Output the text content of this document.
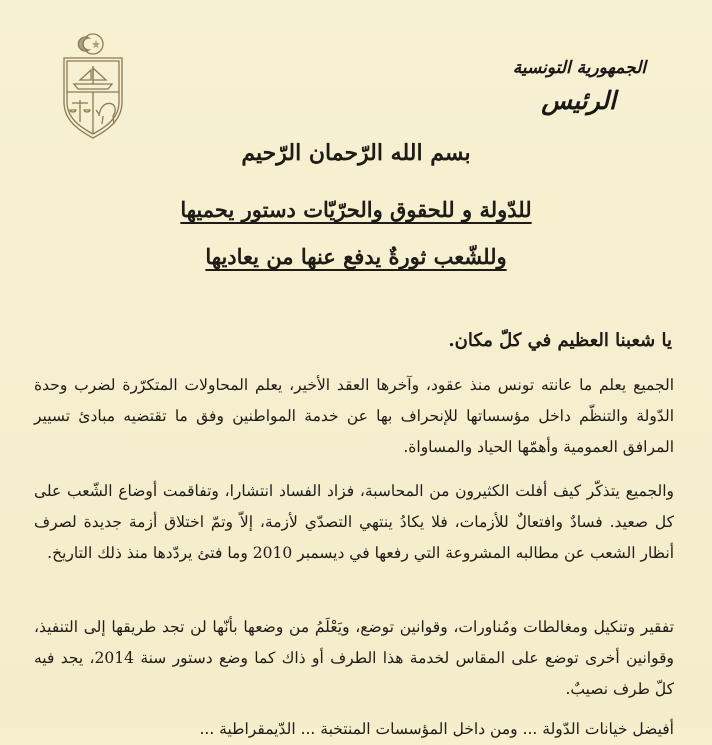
الجمهورية التونسية
الرئيس
بسم الله الرّحمان الرّحيم
للدّولة و للحقوق والحرّيّات دستور يحميها
وللشّعب ثورةٌ يدفع عنها من يعاديها
يا شعبنا العظيم في كلّ مكان.
الجميع يعلم ما عانته تونس منذ عقود، وآخرها العقد الأخير، يعلم المحاولات المتكرّرة لضرب وحدة الدّولة والتنظّم داخل مؤسساتها للإنحراف بها عن خدمة المواطنين وفق ما تقتضيه مبادئ تسيير المرافق العمومية وأهمّها الحياد والمساواة.
والجميع يتذكّر كيف أفلت الكثيرون من المحاسبة، فزاد الفساد انتشارا، وتفاقمت أوضاع الشّعب على كل صعيد. فسادٌ وافتعالٌ للأزمات، فلا يكادُ ينتهي التصدّي لأزمة، إلاّ وتمّ اختلاق أزمة جديدة لصرف أنظار الشعب عن مطالبه المشروعة التي رفعها في ديسمبر 2010 وما فتئ يردّدها منذ ذلك التاريخ.
تفقير وتنكيل ومغالطات ومُناورات، وقوانين توضع، ويَعْلَمُ من وضعها بأنّها لن تجد طريقها إلى التنفيذ، وقوانين أخرى توضع على المقاس لخدمة هذا الطرف أو ذاك كما وضع دستور سنة 2014، يجد فيه كلّ طرف نصيبٌ.
أفيضل خيانات الدّولة ... ومن داخل المؤسسات المنتخبة ... الدّيمقراطية ...
